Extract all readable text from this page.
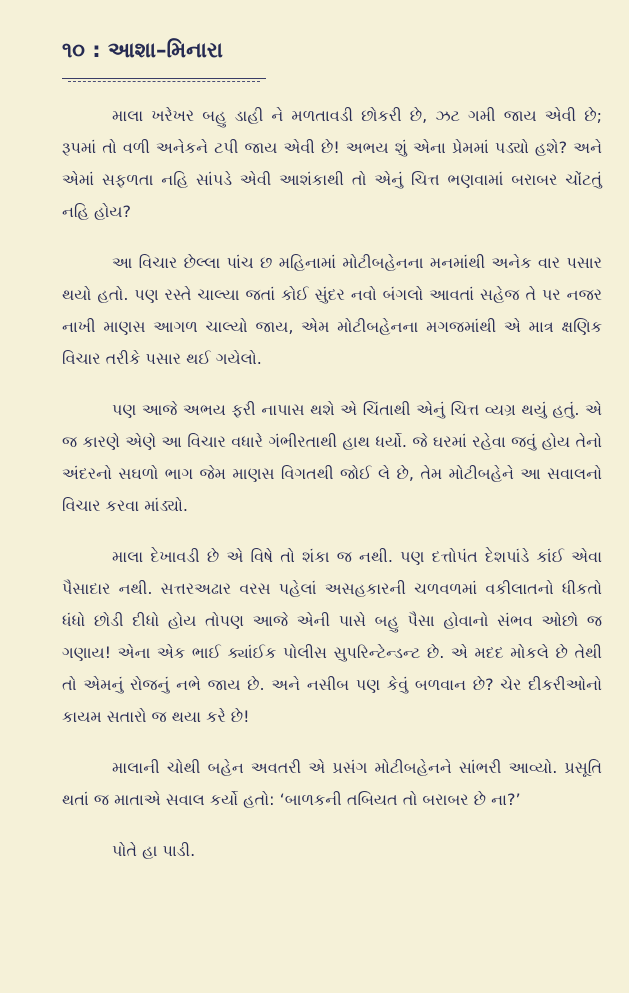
૧૦ : આશા–મિનારા

માલા ખરેખર બહુ ડાહી ને મળતાવડી છોકરી છે, ઝટ ગમી જાય એવી છે; રૂપમાં તો વળી અનેકને ટપી જાય એવી છે! અભય શું એના પ્રેમમાં પડ્યો હશે? અને એમાં સફળતા નહિ સાંપડે એવી આશંકાથી તો એનું ચિત્ત ભણવામાં બરાબર ચોંટતું નહિ હોય?

આ વિચાર છેલ્લા પાંચ છ મહિનામાં મોટીબહેનના મનમાંથી અનેક વાર પસાર થયો હતો. પણ રસ્તે ચાલ્યા જતાં કોઈ સુંદર નવો બંગલો આવતાં સહેજ તે પર નજર નાખી માણસ આગળ ચાલ્યો જાય, એમ મોટીબહેનના મગજમાંથી એ માત્ર ક્ષણિક વિચાર તરીકે પસાર થઈ ગયેલો.

પણ આજે અભય ફરી નાપાસ થશે એ ચિંતાથી એનું ચિત્ત વ્યગ્ર થયું હતું. એ જ કારણે એણે આ વિચાર વધારે ગંભીરતાથી હાથ ધર્યો. જે ઘરમાં રહેવા જવું હોય તેનો અંદરનો સઘળો ભાગ જેમ માણસ વિગતથી જોઈ લે છે, તેમ મોટીબહેને આ સવાલનો વિચાર કરવા માંડ્યો.

માલા દેખાવડી છે એ વિષે તો શંકા જ નથી. પણ દત્તોપંત દેશપાંડે કાંઈ એવા પૈસાદાર નથી. સત્તરઅઢાર વરસ પહેલાં અસહકારની ચળવળમાં વકીલાતનો ધીકતો ધંધો છોડી દીધો હોય તોપણ આજે એની પાસે બહુ પૈસા હોવાનો સંભવ ઓછો જ ગણાય! એના એક ભાઈ ક્યાંઈક પોલીસ સુપરિન્ટેન્ડન્ટ છે. એ મદદ મોકલે છે તેથી તો એમનું રોજનું નભે જાય છે. અને નસીબ પણ કેવું બળવાન છે? ચેર દીકરીઓનો કાયમ સતારો જ થયા કરે છે!

માલાની ચોથી બહેન અવતરી એ પ્રસંગ મોટીબહેનને સાંભરી આવ્યો. પ્રસૂતિ થતાં જ માતાએ સવાલ કર્યો હતો: ‘બાળકની તબિયત તો બરાબર છે ના?’

પોતે હા પાડી.
